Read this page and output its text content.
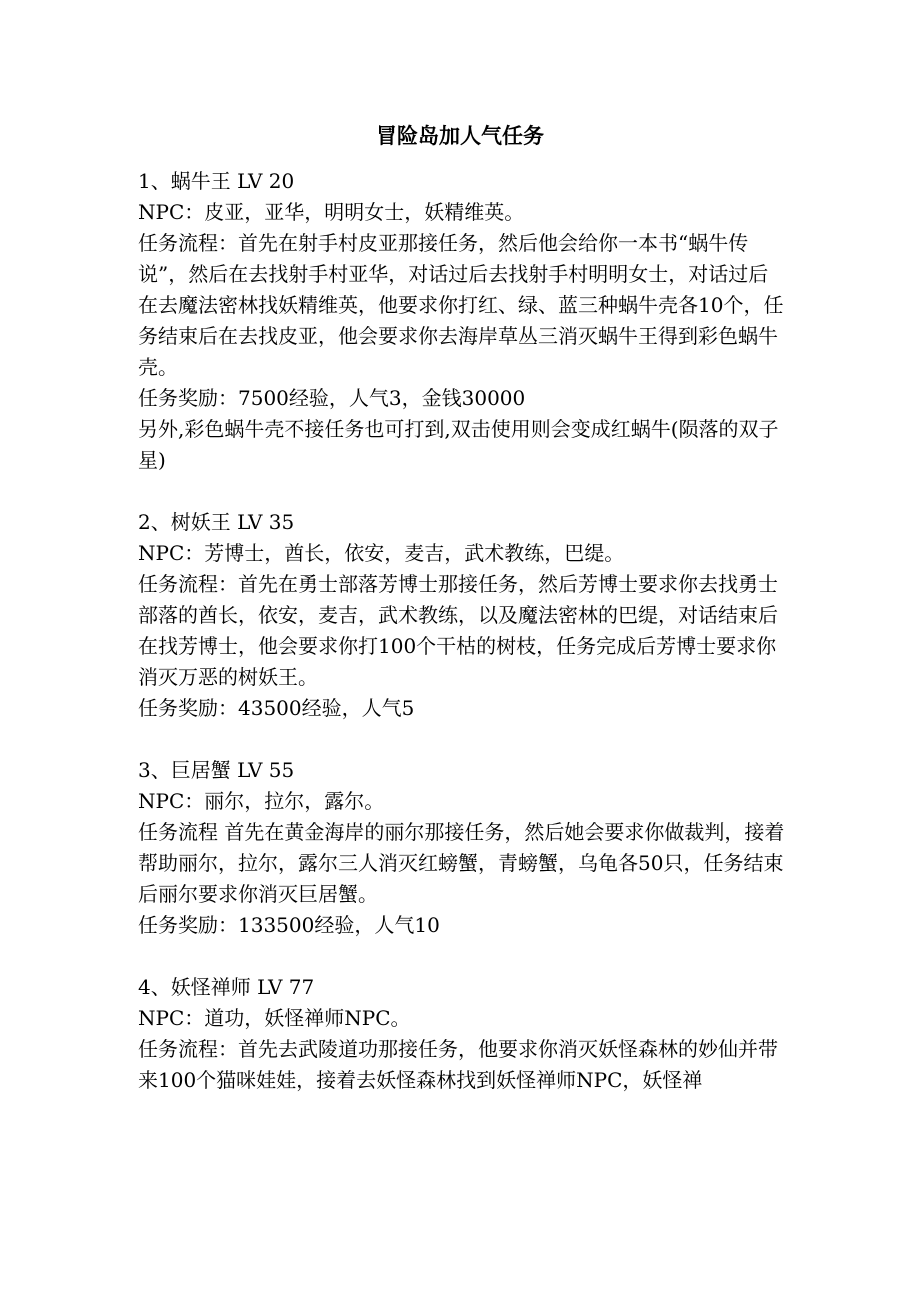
冒险岛加人气任务
1、蜗牛王 LV 20
NPC：皮亚，亚华，明明女士，妖精维英。
任务流程：首先在射手村皮亚那接任务，然后他会给你一本书“蜗牛传说”，然后在去找射手村亚华，对话过后去找射手村明明女士，对话过后在去魔法密林找妖精维英，他要求你打红、绿、蓝三种蜗牛壳各10个，任务结束后在去找皮亚，他会要求你去海岸草丛三消灭蜗牛王得到彩色蜗牛壳。
任务奖励：7500经验，人气3，金钱30000
另外,彩色蜗牛壳不接任务也可打到,双击使用则会变成红蜗牛(陨落的双子星)
2、树妖王 LV 35
NPC：芳博士，酋长，依安，麦吉，武术教练，巴缇。
任务流程：首先在勇士部落芳博士那接任务，然后芳博士要求你去找勇士部落的酋长，依安，麦吉，武术教练，以及魔法密林的巴缇，对话结束后在找芳博士，他会要求你打100个干枯的树枝，任务完成后芳博士要求你消灭万恶的树妖王。
任务奖励：43500经验，人气5
3、巨居蟹 LV 55
NPC：丽尔，拉尔，露尔。
任务流程 首先在黄金海岸的丽尔那接任务，然后她会要求你做裁判，接着帮助丽尔，拉尔，露尔三人消灭红螃蟹，青螃蟹，乌龟各50只，任务结束后丽尔要求你消灭巨居蟹。
任务奖励：133500经验，人气10
4、妖怪禅师 LV 77
NPC：道功，妖怪禅师NPC。
任务流程：首先去武陵道功那接任务，他要求你消灭妖怪森林的妙仙并带来100个猫咪娃娃，接着去妖怪森林找到妖怪禅师NPC，妖怪禅
